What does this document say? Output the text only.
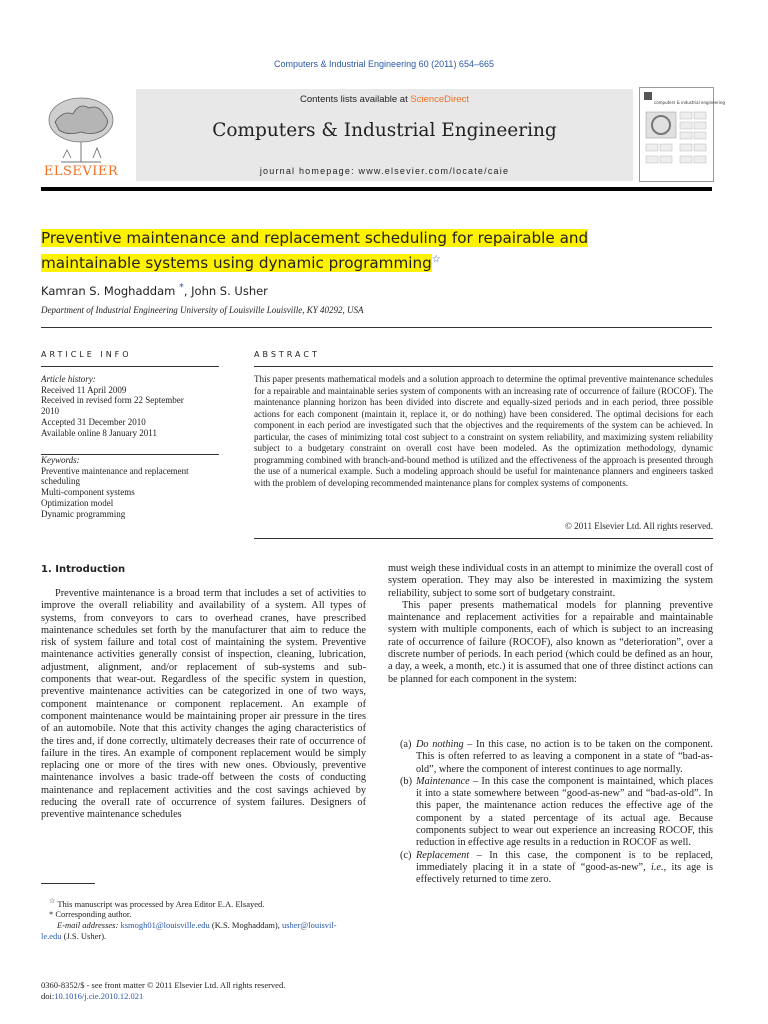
Computers & Industrial Engineering 60 (2011) 654–665
ELSEVIER
Contents lists available at ScienceDirect
Computers & Industrial Engineering
journal homepage: www.elsevier.com/locate/caie
computers & industrial engineering
Preventive maintenance and replacement scheduling for repairable and
maintainable systems using dynamic programming☆
Kamran S. Moghaddam *, John S. Usher
Department of Industrial Engineering University of Louisville Louisville, KY 40292, USA
ARTICLE INFO
Article history:
Received 11 April 2009
Received in revised form 22 September
2010
Accepted 31 December 2010
Available online 8 January 2011
Keywords:
Preventive maintenance and replacement
scheduling
Multi-component systems
Optimization model
Dynamic programming
ABSTRACT
This paper presents mathematical models and a solution approach to determine the optimal preventive maintenance schedules for a repairable and maintainable series system of components with an increasing rate of occurrence of failure (ROCOF). The maintenance planning horizon has been divided into discrete and equally-sized periods and in each period, three possible actions for each component (maintain it, replace it, or do nothing) have been considered. The optimal decisions for each component in each period are investigated such that the objectives and the requirements of the system can be achieved. In particular, the cases of minimizing total cost subject to a constraint on system reliability, and maximizing system reliability subject to a budgetary constraint on overall cost have been modeled. As the optimization methodology, dynamic programming combined with branch-and-bound method is utilized and the effectiveness of the approach is presented through the use of a numerical example. Such a modeling approach should be useful for maintenance planners and engineers tasked with the problem of developing recommended maintenance plans for complex systems of components.
© 2011 Elsevier Ltd. All rights reserved.
1. Introduction

Preventive maintenance is a broad term that includes a set of activities to improve the overall reliability and availability of a system. All types of systems, from conveyors to cars to overhead cranes, have prescribed maintenance schedules set forth by the manufacturer that aim to reduce the risk of system failure and total cost of maintaining the system. Preventive maintenance activities generally consist of inspection, cleaning, lubrication, adjustment, alignment, and/or replacement of sub-systems and sub-components that wear-out. Regardless of the specific system in question, preventive maintenance activities can be categorized in one of two ways, component maintenance or component replacement. An example of component maintenance would be maintaining proper air pressure in the tires of an automobile. Note that this activity changes the aging characteristics of the tires and, if done correctly, ultimately decreases their rate of occurrence of failure in the tires. An example of component replacement would be simply replacing one or more of the tires with new ones. Obviously, preventive maintenance involves a basic trade-off between the costs of conducting maintenance and replacement activities and the cost savings achieved by reducing the overall rate of occurrence of system failures. Designers of preventive maintenance schedules

must weigh these individual costs in an attempt to minimize the overall cost of system operation. They may also be interested in maximizing the system reliability, subject to some sort of budgetary constraint.

This paper presents mathematical models for planning preventive maintenance and replacement activities for a repairable and maintainable system with multiple components, each of which is subject to an increasing rate of occurrence of failure (ROCOF), also known as “deterioration”, over a discrete number of periods. In each period (which could be defined as an hour, a day, a week, a month, etc.) it is assumed that one of three distinct actions can be planned for each component in the system:

(a) Do nothing – In this case, no action is to be taken on the component. This is often referred to as leaving a component in a state of “bad-as-old”, where the component of interest continues to age normally.
(b) Maintenance – In this case the component is maintained, which places it into a state somewhere between “good-as-new” and “bad-as-old”. In this paper, the maintenance action reduces the effective age of the component by a stated percentage of its actual age. Because components subject to wear out experience an increasing ROCOF, this reduction in effective age results in a reduction in ROCOF as well.
(c) Replacement – In this case, the component is to be replaced, immediately placing it in a state of “good-as-new”, i.e., its age is effectively returned to time zero.
☆ This manuscript was processed by Area Editor E.A. Elsayed.
* Corresponding author.
E-mail addresses: ksmogh01@louisville.edu (K.S. Moghaddam), usher@louisvil-
le.edu (J.S. Usher).
0360-8352/$ - see front matter © 2011 Elsevier Ltd. All rights reserved.
doi:10.1016/j.cie.2010.12.021
